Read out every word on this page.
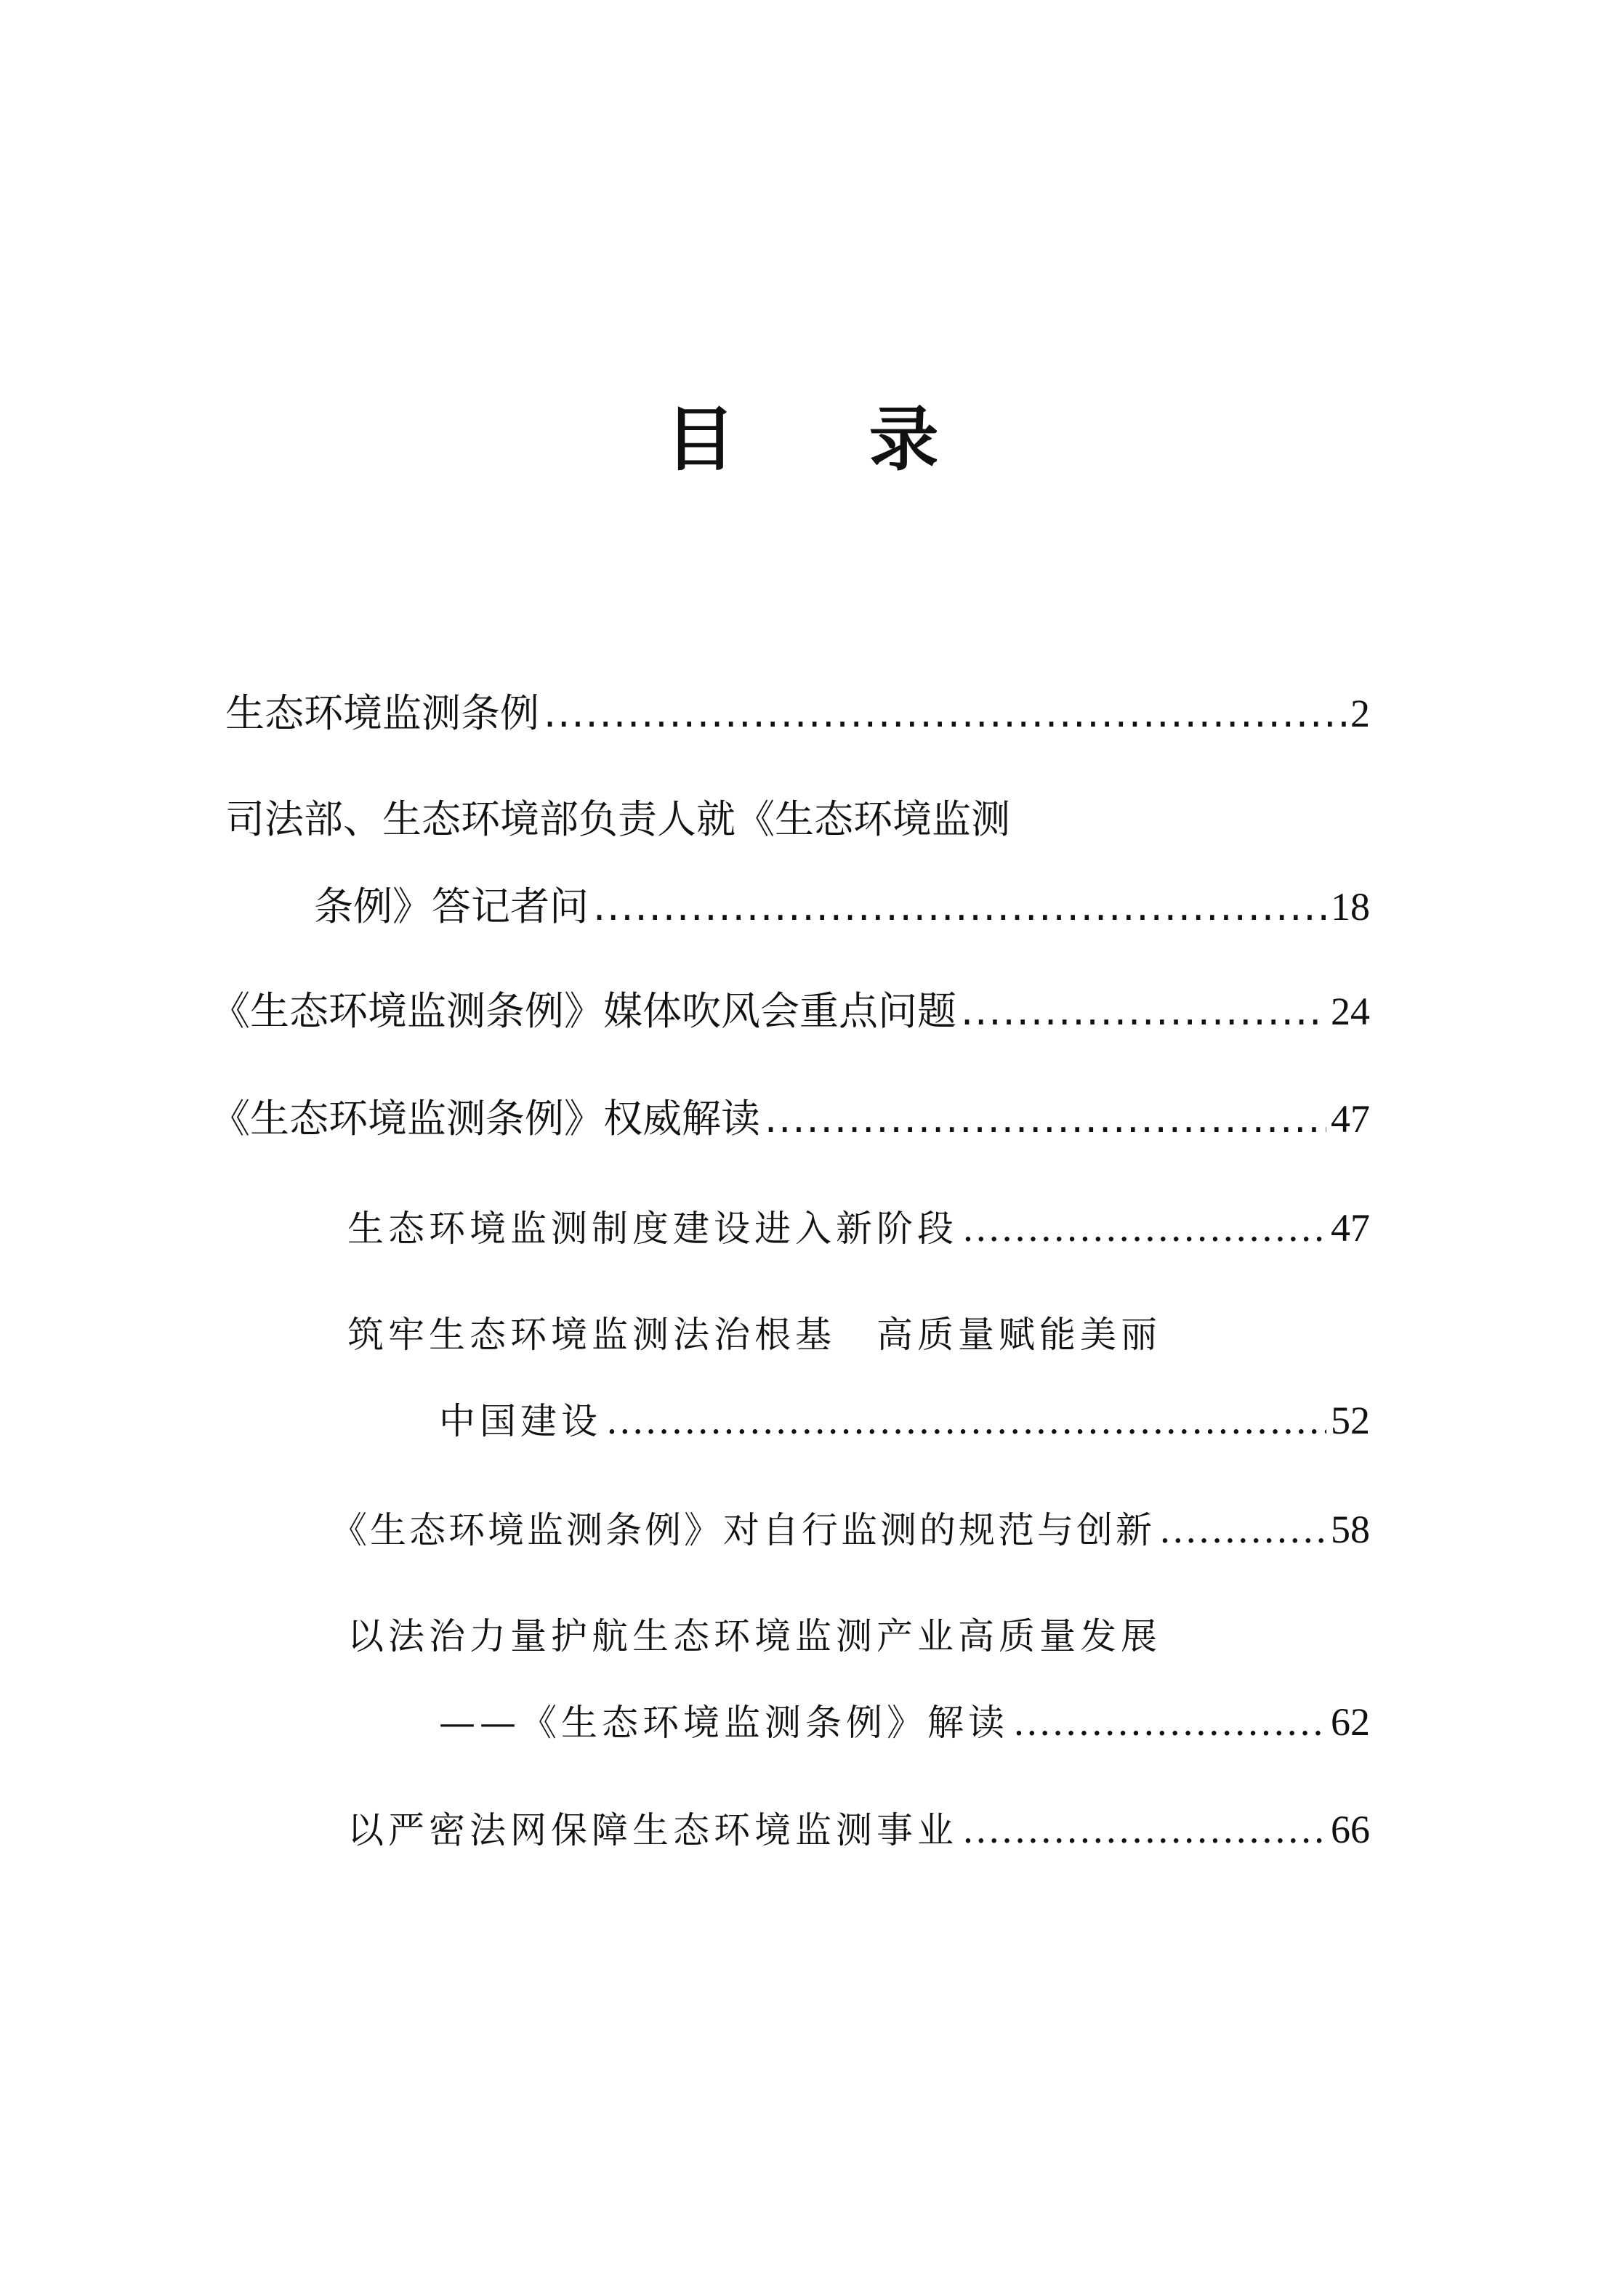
目 录
生态环境监测条例 .....	2
司法部、生态环境部负责人就《生态环境监测
条例》答记者问 .....	18
《生态环境监测条例》媒体吹风会重点问题 .....	24
《生态环境监测条例》权威解读 .....	47
生态环境监测制度建设进入新阶段 .....	47
筑牢生态环境监测法治根基　高质量赋能美丽
中国建设 .....	52
《生态环境监测条例》对自行监测的规范与创新 .....	58
以法治力量护航生态环境监测产业高质量发展
——《生态环境监测条例》解读 .....	62
以严密法网保障生态环境监测事业 .....	66
